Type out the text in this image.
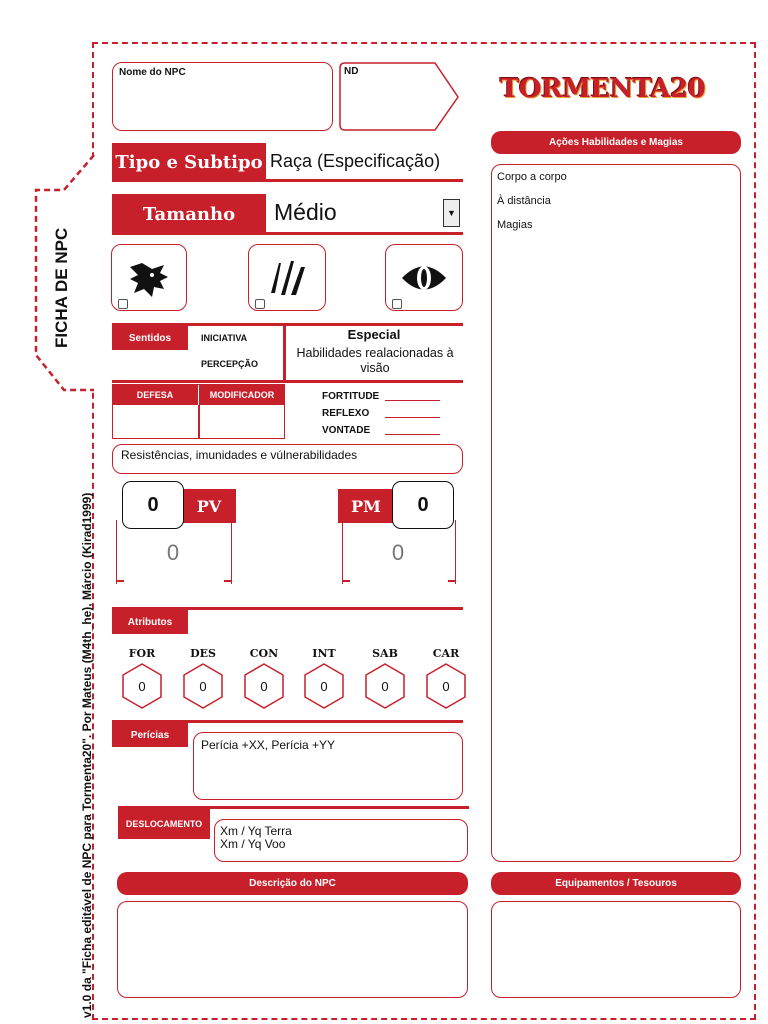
FICHA DE NPC
v1.0 da "Ficha editável de NPC para Tormenta20". Por Mateus (M4th_he), Márcio (Kirad1999)
TORMENTA20
Nome do NPC	ND
Tipo e Subtipo Raça (Especificação)
Tamanho	Médio	▼
Sentidos	INICIATIVA
PERCEPÇÃO
Especial
Habilidades realacionadas à visão
DEFESA	MODIFICADOR	FORTITUDE
REFLEXO
VONTADE
Resistências, imunidades e vúlnerabilidades
PV
0
0
PM	0
0
Atributos
FOR
0
DES
0
CON
0
INT
0
SAB
0
CAR
0
Perícias
Perícia +XX, Perícia +YY
DESLOCAMENTO	Xm / Yq Terra
Xm / Yq Voo
Descrição do NPC
Ações Habilidades e Magias
Corpo a corpo
À distância
Magias
Equipamentos / Tesouros
